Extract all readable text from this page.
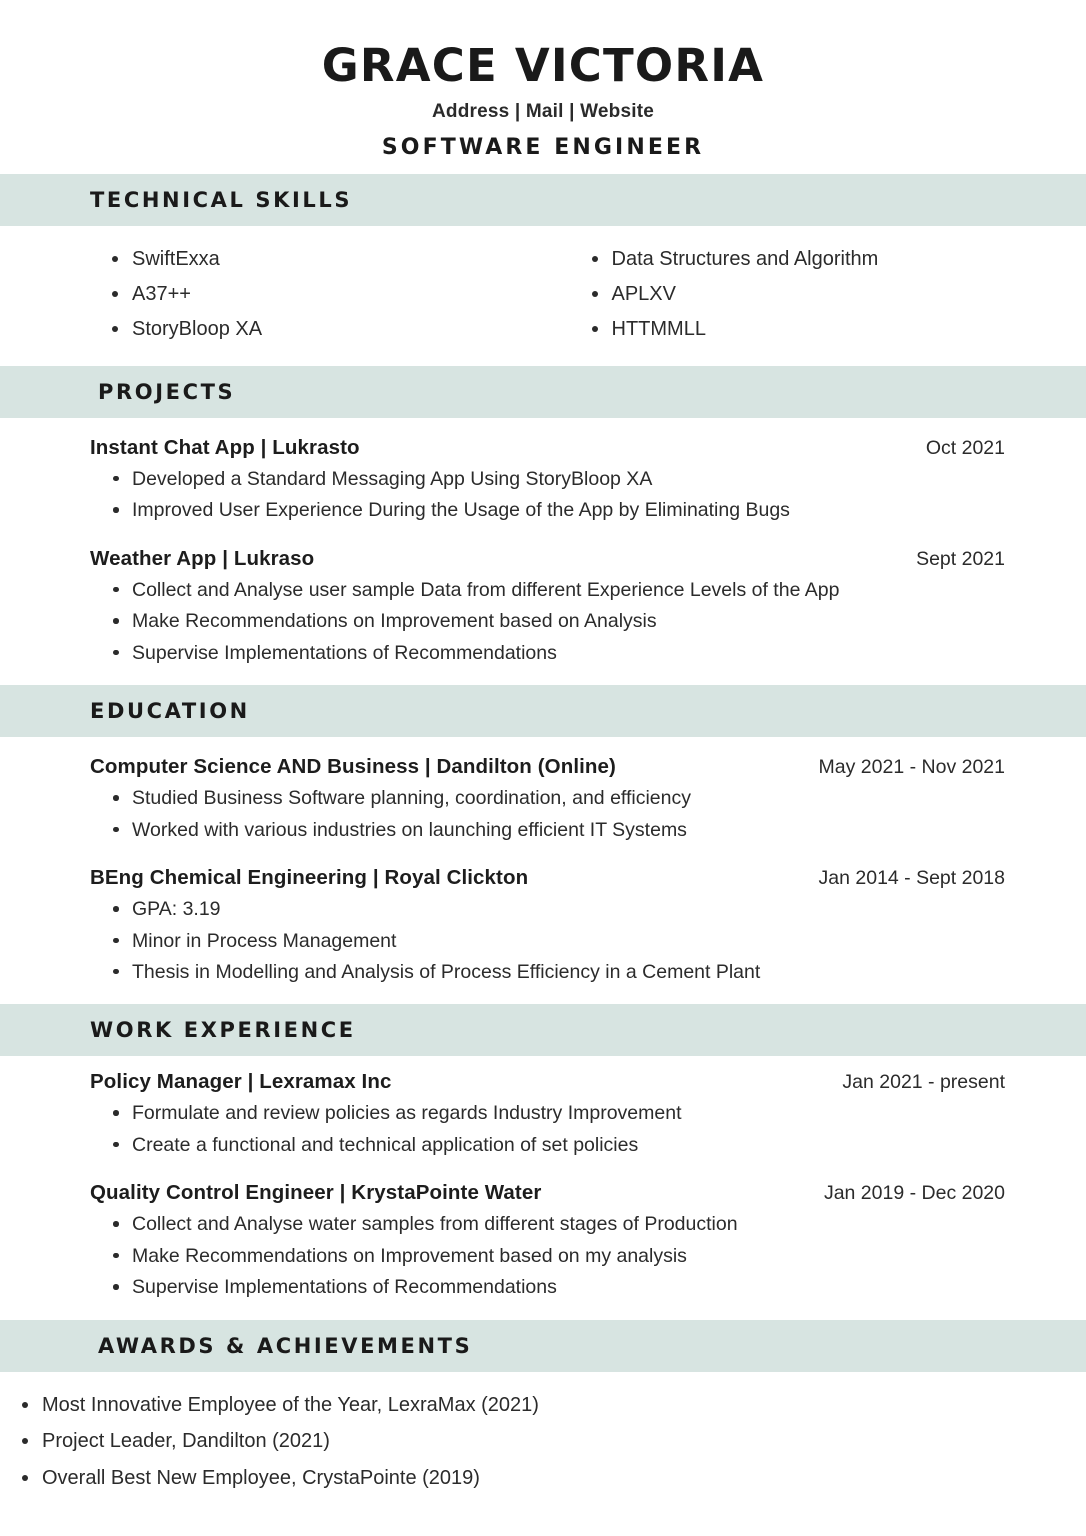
GRACE VICTORIA
Address | Mail | Website
SOFTWARE ENGINEER
TECHNICAL SKILLS
SwiftExxa
A37++
StoryBloop XA
Data Structures and Algorithm
APLXV
HTTMMLL
PROJECTS
Instant Chat App | Lukrasto	Oct 2021
Developed a Standard Messaging App Using StoryBloop XA
Improved User Experience During the Usage of the App by Eliminating Bugs
Weather App | Lukraso	Sept 2021
Collect and Analyse user sample Data from different Experience Levels of the App
Make Recommendations on Improvement based on Analysis
Supervise Implementations of Recommendations
EDUCATION
Computer Science AND Business | Dandilton (Online)	May 2021 - Nov 2021
Studied Business Software planning, coordination, and efficiency
Worked with various industries on launching efficient IT Systems
BEng Chemical Engineering | Royal Clickton	Jan 2014 - Sept 2018
GPA: 3.19
Minor in Process Management
Thesis in Modelling and Analysis of Process Efficiency in a Cement Plant
WORK EXPERIENCE
Policy Manager | Lexramax Inc	Jan 2021 - present
Formulate and review policies as regards Industry Improvement
Create a functional and technical application of set policies
Quality Control Engineer | KrystaPointe Water	Jan 2019 - Dec 2020
Collect and Analyse water samples from different stages of Production
Make Recommendations on Improvement based on my analysis
Supervise Implementations of Recommendations
AWARDS & ACHIEVEMENTS
Most Innovative Employee of the Year, LexraMax (2021)
Project Leader, Dandilton (2021)
Overall Best New Employee, CrystaPointe (2019)
